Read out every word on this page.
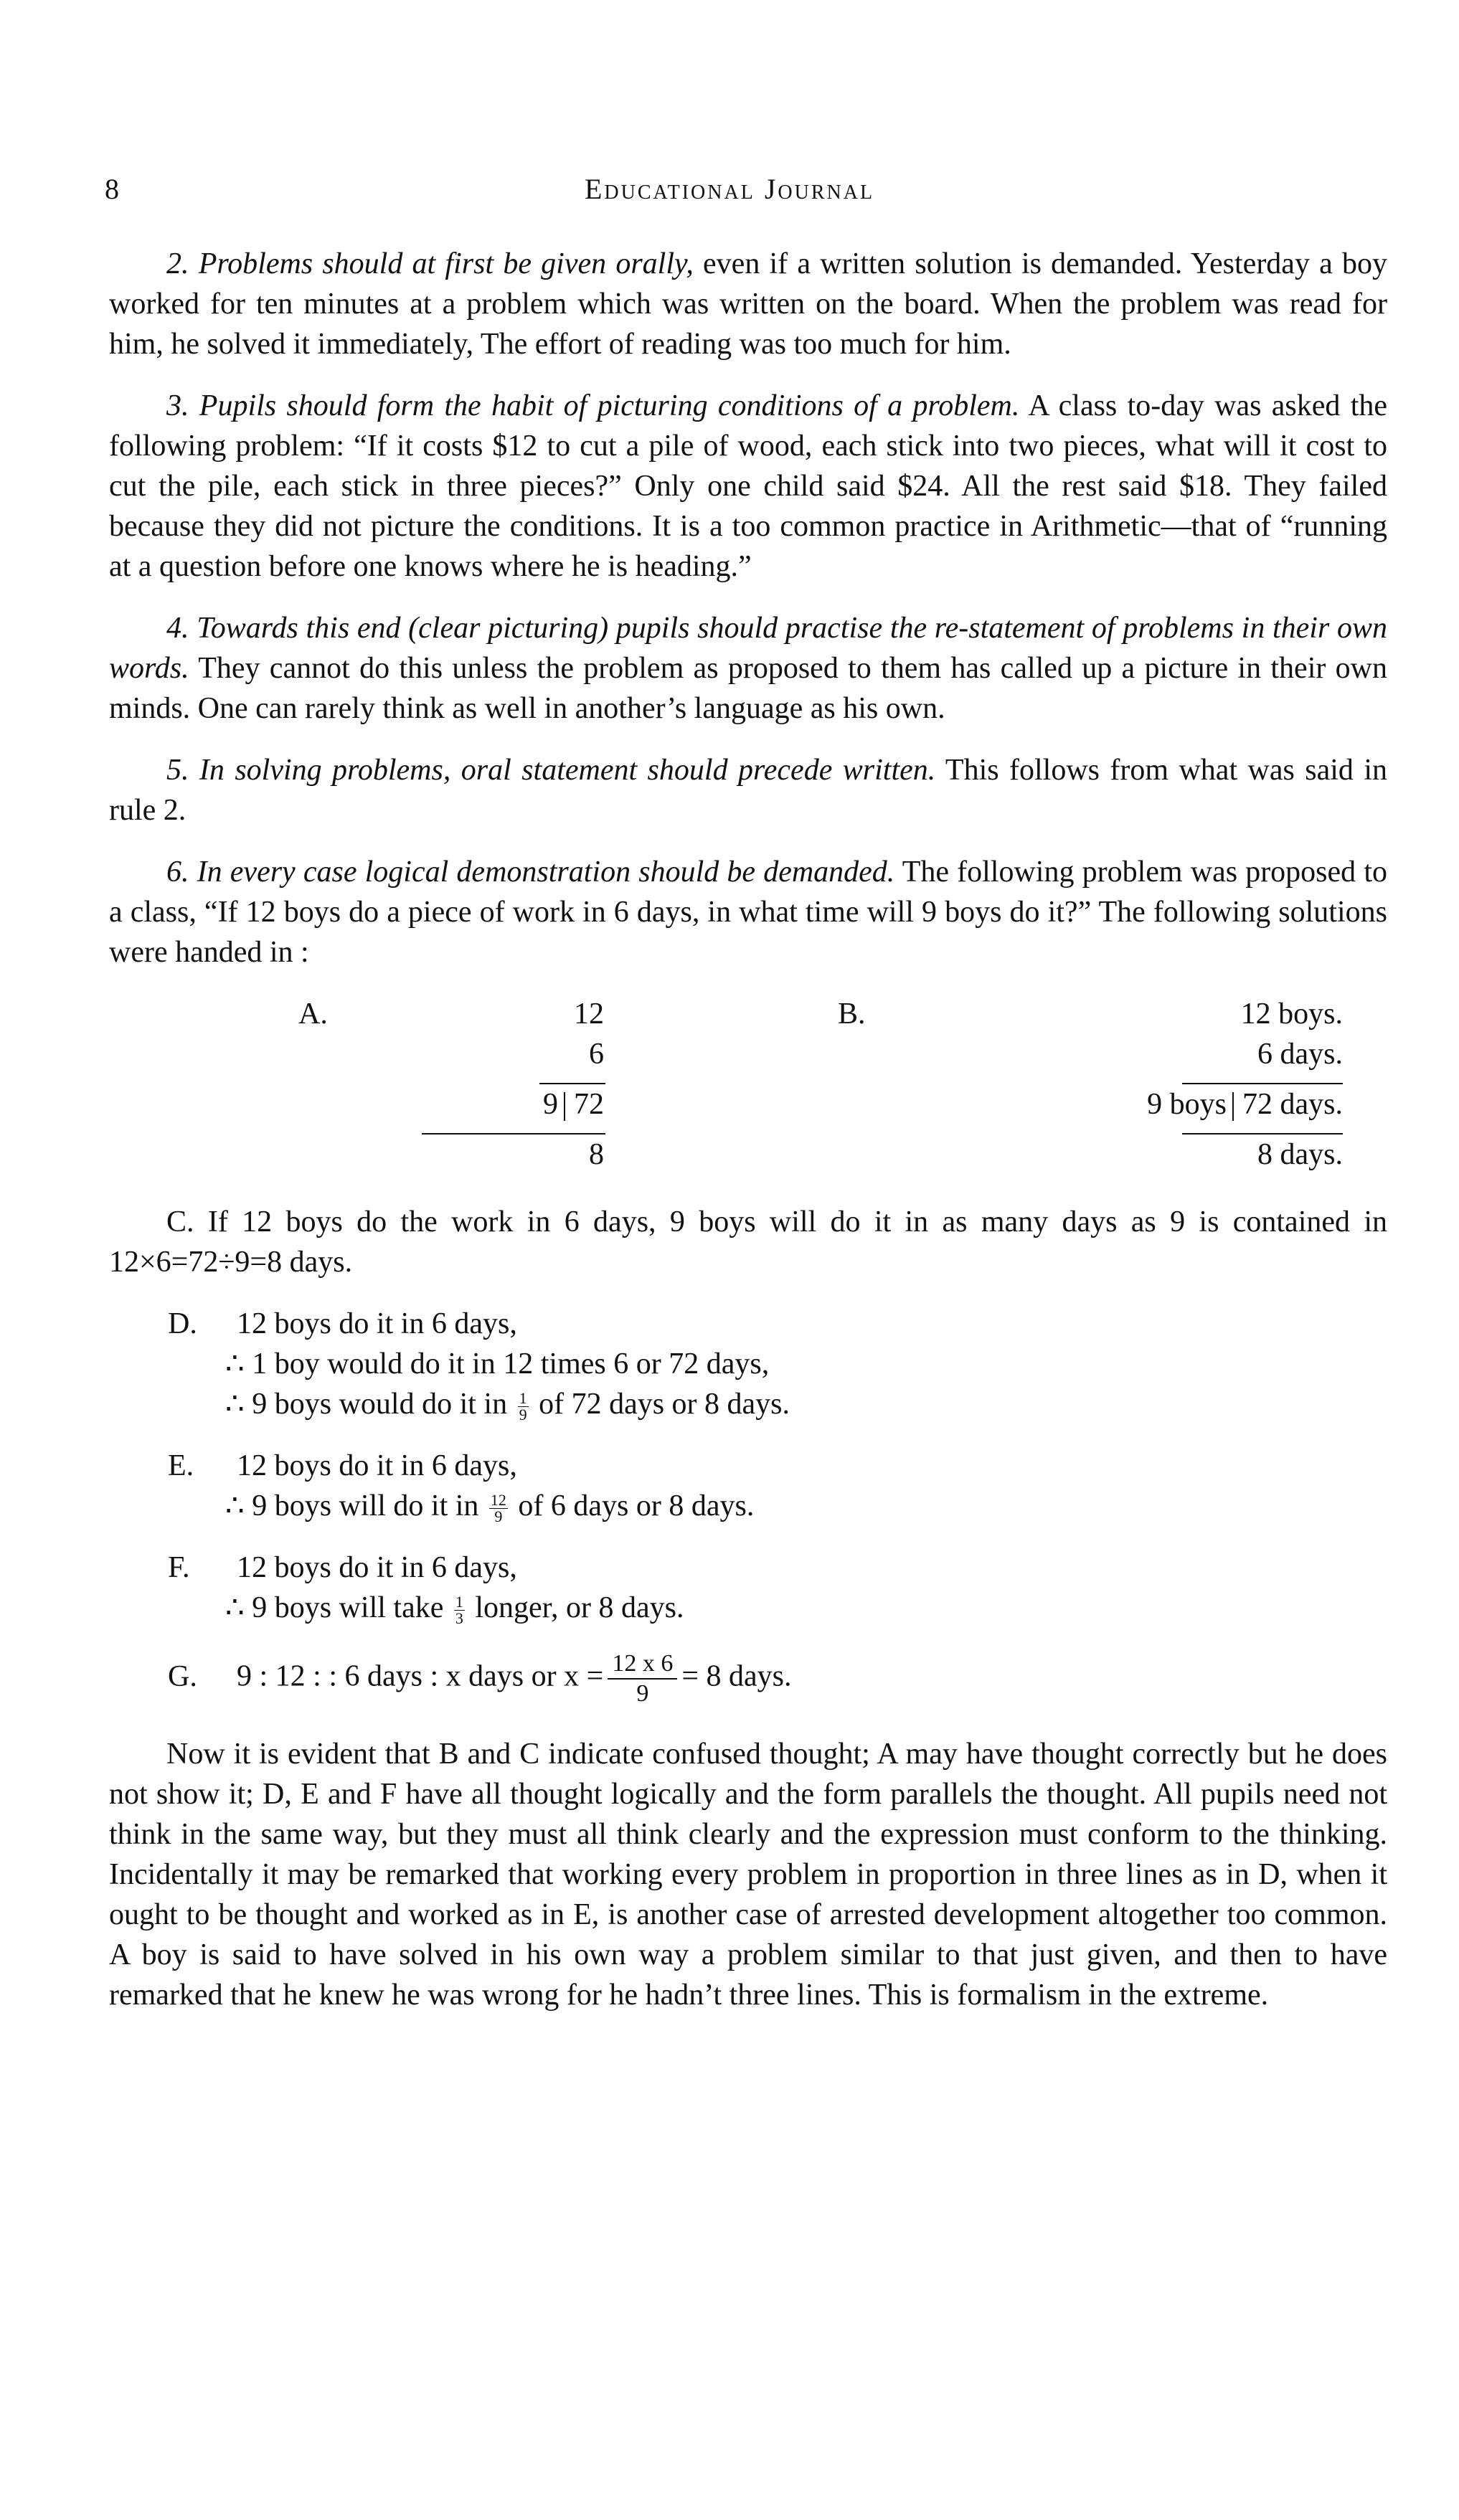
8	Educational Journal

2. Problems should at first be given orally, even if a written solution is demanded. Yesterday a boy worked for ten minutes at a problem which was written on the board. When the problem was read for him, he solved it immediately, The effort of reading was too much for him.

3. Pupils should form the habit of picturing conditions of a problem. A class to-day was asked the following problem: “If it costs $12 to cut a pile of wood, each stick into two pieces, what will it cost to cut the pile, each stick in three pieces?” Only one child said $24. All the rest said $18. They failed because they did not picture the conditions. It is a too common practice in Arithmetic—that of “running at a question before one knows where he is heading.”

4. Towards this end (clear picturing) pupils should practise the re-statement of problems in their own words. They cannot do this unless the problem as proposed to them has called up a picture in their own minds. One can rarely think as well in another’s language as his own.

5. In solving problems, oral statement should precede written. This follows from what was said in rule 2.

6. In every case logical demonstration should be demanded. The following problem was proposed to a class, “If 12 boys do a piece of work in 6 days, in what time will 9 boys do it?” The following solutions were handed in :

A.	12
6
9 72
8
B.	12 boys.
6 days.
9 boys 72 days.
8 days.

C. If 12 boys do the work in 6 days, 9 boys will do it in as many days as 9 is contained in 12×6=72÷9=8 days.

D. 12 boys do it in 6 days,
∴ 1 boy would do it in 12 times 6 or 72 days,
∴ 9 boys would do it in $\frac{1}{9}$ of 72 days or 8 days.
E. 12 boys do it in 6 days,
∴ 9 boys will do it in $\frac{12}{9}$ of 6 days or 8 days.
F. 12 boys do it in 6 days,
∴ 9 boys will take $\frac{1}{3}$ longer, or 8 days.
G. 9 : 12 : : 6 days : x days or $x = \frac{12 x 6}{9} = 8$ days.

Now it is evident that B and C indicate confused thought; A may have thought correctly but he does not show it; D, E and F have all thought logically and the form parallels the thought. All pupils need not think in the same way, but they must all think clearly and the expression must conform to the thinking. Incidentally it may be remarked that working every problem in proportion in three lines as in D, when it ought to be thought and worked as in E, is another case of arrested development altogether too common. A boy is said to have solved in his own way a problem similar to that just given, and then to have remarked that he knew he was wrong for he hadn’t three lines. This is formalism in the extreme.
